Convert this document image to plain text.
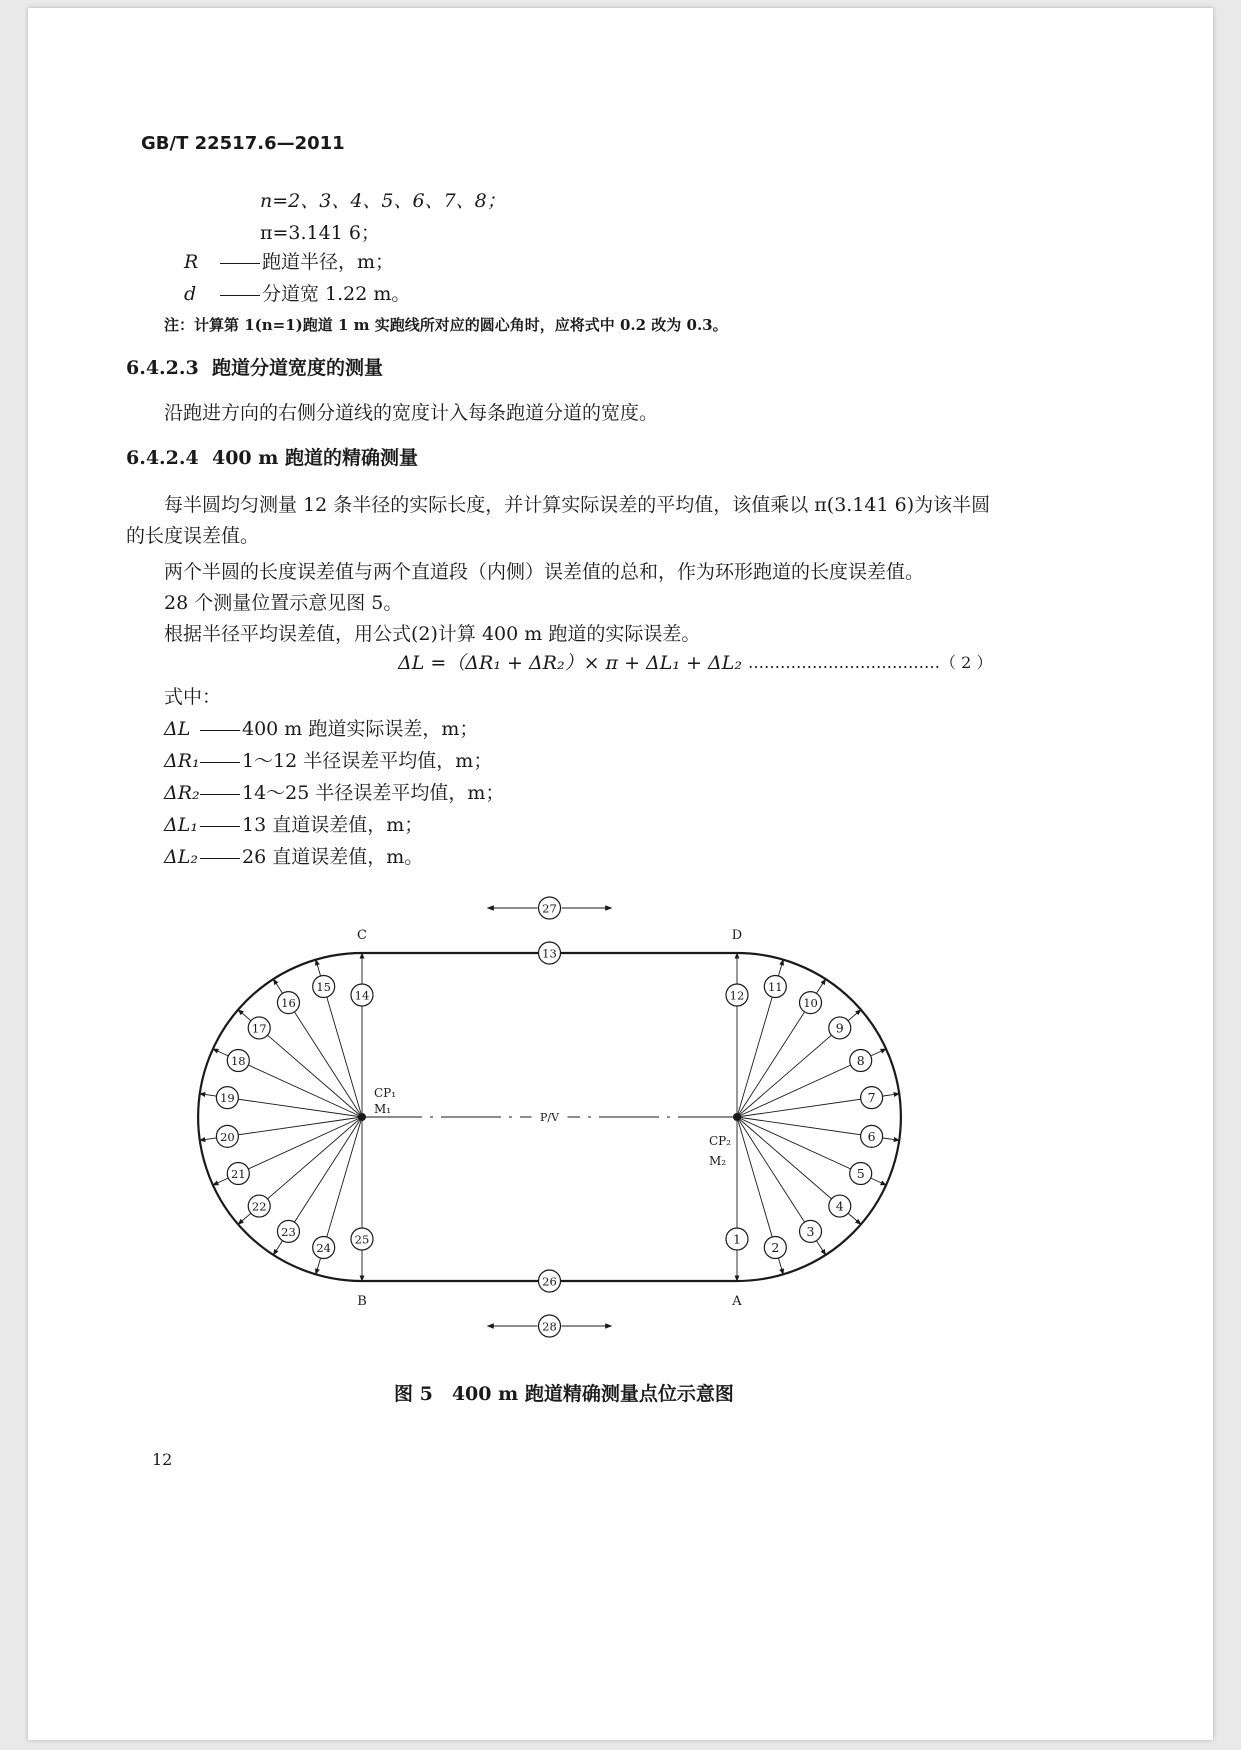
GB/T 22517.6—2011
n=2、3、4、5、6、7、8；
π=3.141 6；
R	跑道半径，m；
d	分道宽 1.22 m。
注：计算第 1(n=1)跑道 1 m 实跑线所对应的圆心角时，应将式中 0.2 改为 0.3。
6.4.2.3 跑道分道宽度的测量
沿跑进方向的右侧分道线的宽度计入每条跑道分道的宽度。
6.4.2.4 400 m 跑道的精确测量
每半圆均匀测量 12 条半径的实际长度，并计算实际误差的平均值，该值乘以 π(3.141 6)为该半圆
的长度误差值。
两个半圆的长度误差值与两个直道段（内侧）误差值的总和，作为环形跑道的长度误差值。
28 个测量位置示意见图 5。
根据半径平均误差值，用公式(2)计算 400 m 跑道的实际误差。
ΔL =（ΔR₁ + ΔR₂）× π + ΔL₁ + ΔL₂ ………………………………（ 2 ）
式中：
ΔL	400 m 跑道实际误差，m；
ΔR₁ 1～12 半径误差平均值，m；
ΔR₂ 14～25 半径误差平均值，m；
ΔL₁ 13 直道误差值，m；
ΔL₂ 26 直道误差值，m。
1
2
3
4
5
6
7
8
9
10
11
12
14
15
16
17
18
19
20
21
22
23
24
25
13
26
27
28
C	D
B	A
CP₁
M₁
CP₂
M₂
P/V
图 5　400 m 跑道精确测量点位示意图
12
